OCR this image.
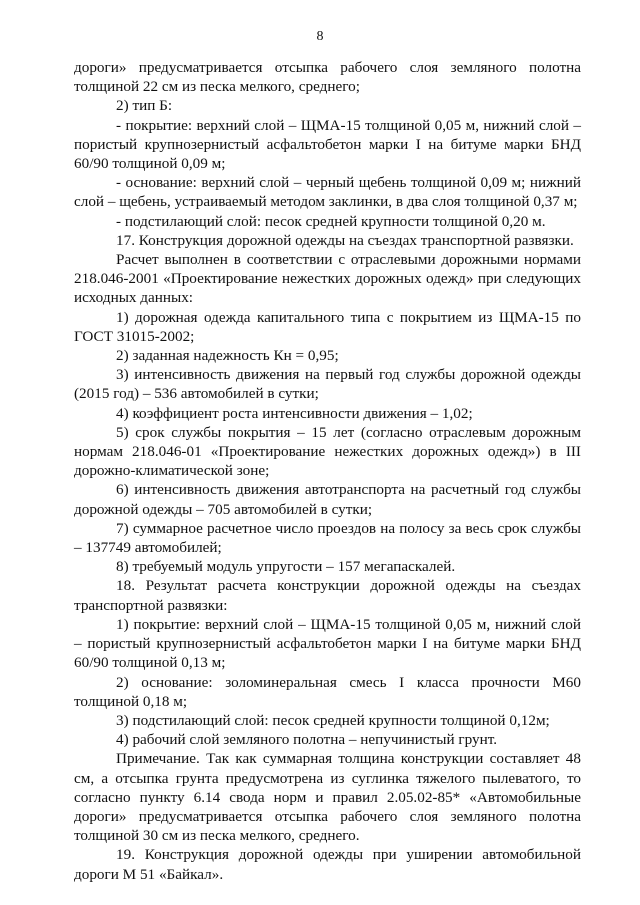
8

дороги» предусматривается отсыпка рабочего слоя земляного полотна толщиной 22 см из песка мелкого, среднего;

2) тип Б:

- покрытие: верхний слой – ЩМА-15 толщиной 0,05 м, нижний слой – пористый крупнозернистый асфальтобетон марки I на битуме марки БНД 60/90 толщиной 0,09 м;

- основание: верхний слой – черный щебень толщиной 0,09 м; нижний слой – щебень, устраиваемый методом заклинки, в два слоя толщиной 0,37 м;

- подстилающий слой: песок средней крупности толщиной 0,20 м.

17. Конструкция дорожной одежды на съездах транспортной развязки.

Расчет выполнен в соответствии с отраслевыми дорожными нормами 218.046-2001 «Проектирование нежестких дорожных одежд» при следующих исходных данных:

1) дорожная одежда капитального типа с покрытием из ЩМА-15 по ГОСТ 31015-2002;

2) заданная надежность Кн = 0,95;

3) интенсивность движения на первый год службы дорожной одежды (2015 год) – 536 автомобилей в сутки;

4) коэффициент роста интенсивности движения – 1,02;

5) срок службы покрытия – 15 лет (согласно отраслевым дорожным нормам 218.046-01 «Проектирование нежестких дорожных одежд») в III дорожно-климатической зоне;

6) интенсивность движения автотранспорта на расчетный год службы дорожной одежды – 705 автомобилей в сутки;

7) суммарное расчетное число проездов на полосу за весь срок службы – 137749 автомобилей;

8) требуемый модуль упругости – 157 мегапаскалей.

18. Результат расчета конструкции дорожной одежды на съездах транспортной развязки:

1) покрытие: верхний слой – ЩМА-15 толщиной 0,05 м, нижний слой – пористый крупнозернистый асфальтобетон марки I на битуме марки БНД 60/90 толщиной 0,13 м;

2) основание: золоминеральная смесь I класса прочности М60 толщиной 0,18 м;

3) подстилающий слой: песок средней крупности толщиной 0,12м;

4) рабочий слой земляного полотна – непучинистый грунт.

Примечание. Так как суммарная толщина конструкции составляет 48 см, а отсыпка грунта предусмотрена из суглинка тяжелого пылеватого, то согласно пункту 6.14 свода норм и правил 2.05.02-85* «Автомобильные дороги» предусматривается отсыпка рабочего слоя земляного полотна толщиной 30 см из песка мелкого, среднего.

19. Конструкция дорожной одежды при уширении автомобильной дороги М 51 «Байкал».
